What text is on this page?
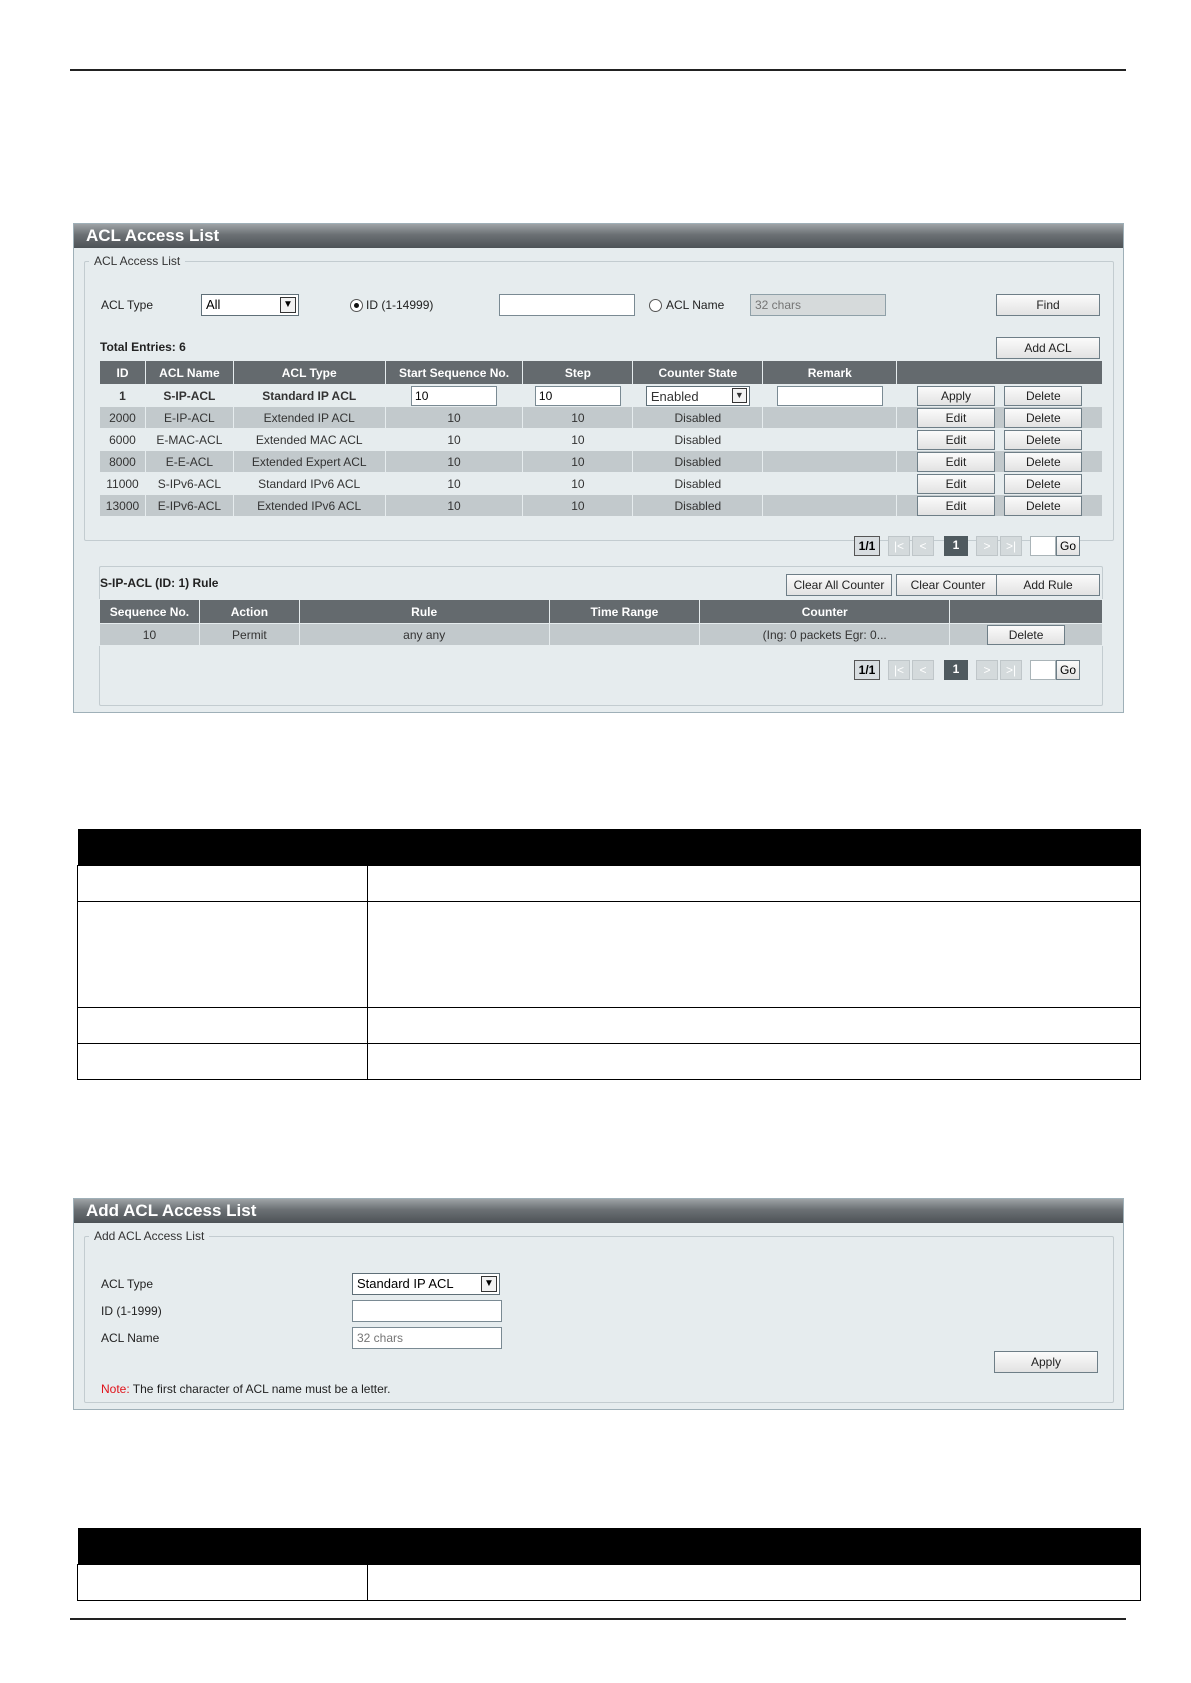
ACL Access List
ACL Access List
ACL Type	All	▼	ID (1-14999)	ACL Name
32 chars	Find
Total Entries: 6	Add ACL
ID	ACL Name	ACL Type	Start Sequence No.	Step	Counter State	Remark	
1	S-IP-ACL	Standard IP ACL	10	10	Enabled ▼		Apply Delete
2000	E-IP-ACL	Extended IP ACL	10	10	Disabled		Edit Delete
6000	E-MAC-ACL	Extended MAC ACL	10	10	Disabled		Edit Delete
8000	E-E-ACL	Extended Expert ACL	10	10	Disabled		Edit Delete
11000	S-IPv6-ACL	Standard IPv6 ACL	10	10	Disabled		Edit Delete
13000	E-IPv6-ACL	Extended IPv6 ACL	10	10	Disabled		Edit Delete
1/1	|<	<	1	>	>|	Go
S-IP-ACL (ID: 1) Rule	Clear All Counter	Clear Counter	Add Rule
Sequence No.	Action	Rule	Time Range	Counter	
10	Permit	any any		(Ing: 0 packets Egr: 0...	Delete
1/1	|<	<	1	>	>|	Go

Add ACL Access List
Add ACL Access List
ACL Type	Standard IP ACL	▼
ID (1-1999)
ACL Name
32 chars
Apply
Note: The first character of ACL name must be a letter.
